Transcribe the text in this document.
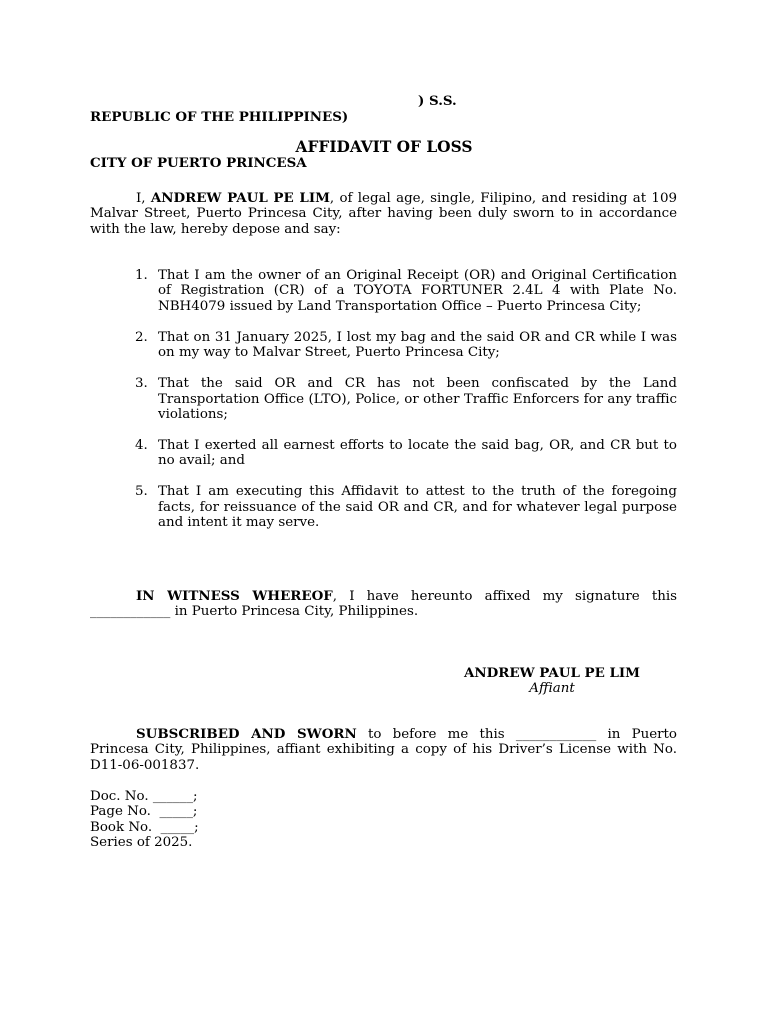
REPUBLIC OF THE PHILIPPINES)

CITY OF PUERTO PRINCESA

) S.S.

AFFIDAVIT OF LOSS
I, ANDREW PAUL PE LIM, of legal age, single, Filipino, and residing at 109 Malvar Street, Puerto Princesa City, after having been duly sworn to in accordance with the law, hereby depose and say:
1. That I am the owner of an Original Receipt (OR) and Original Certification of Registration (CR) of a TOYOTA FORTUNER 2.4L 4 with Plate No. NBH4079 issued by Land Transportation Office – Puerto Princesa City;
2. That on 31 January 2025, I lost my bag and the said OR and CR while I was on my way to Malvar Street, Puerto Princesa City;
3. That the said OR and CR has not been confiscated by the Land Transportation Office (LTO), Police, or other Traffic Enforcers for any traffic violations;
4. That I exerted all earnest efforts to locate the said bag, OR, and CR but to no avail; and
5. That I am executing this Affidavit to attest to the truth of the foregoing facts, for reissuance of the said OR and CR, and for whatever legal purpose and intent it may serve.
IN WITNESS WHEREOF, I have hereunto affixed my signature this ____________ in Puerto Princesa City, Philippines.
ANDREW PAUL PE LIM
Affiant
SUBSCRIBED AND SWORN to before me this ____________ in Puerto Princesa City, Philippines, affiant exhibiting a copy of his Driver’s License with No. D11-06-001837.
Doc. No. ______;
Page No.  _____;
Book No.  _____;
Series of 2025.
